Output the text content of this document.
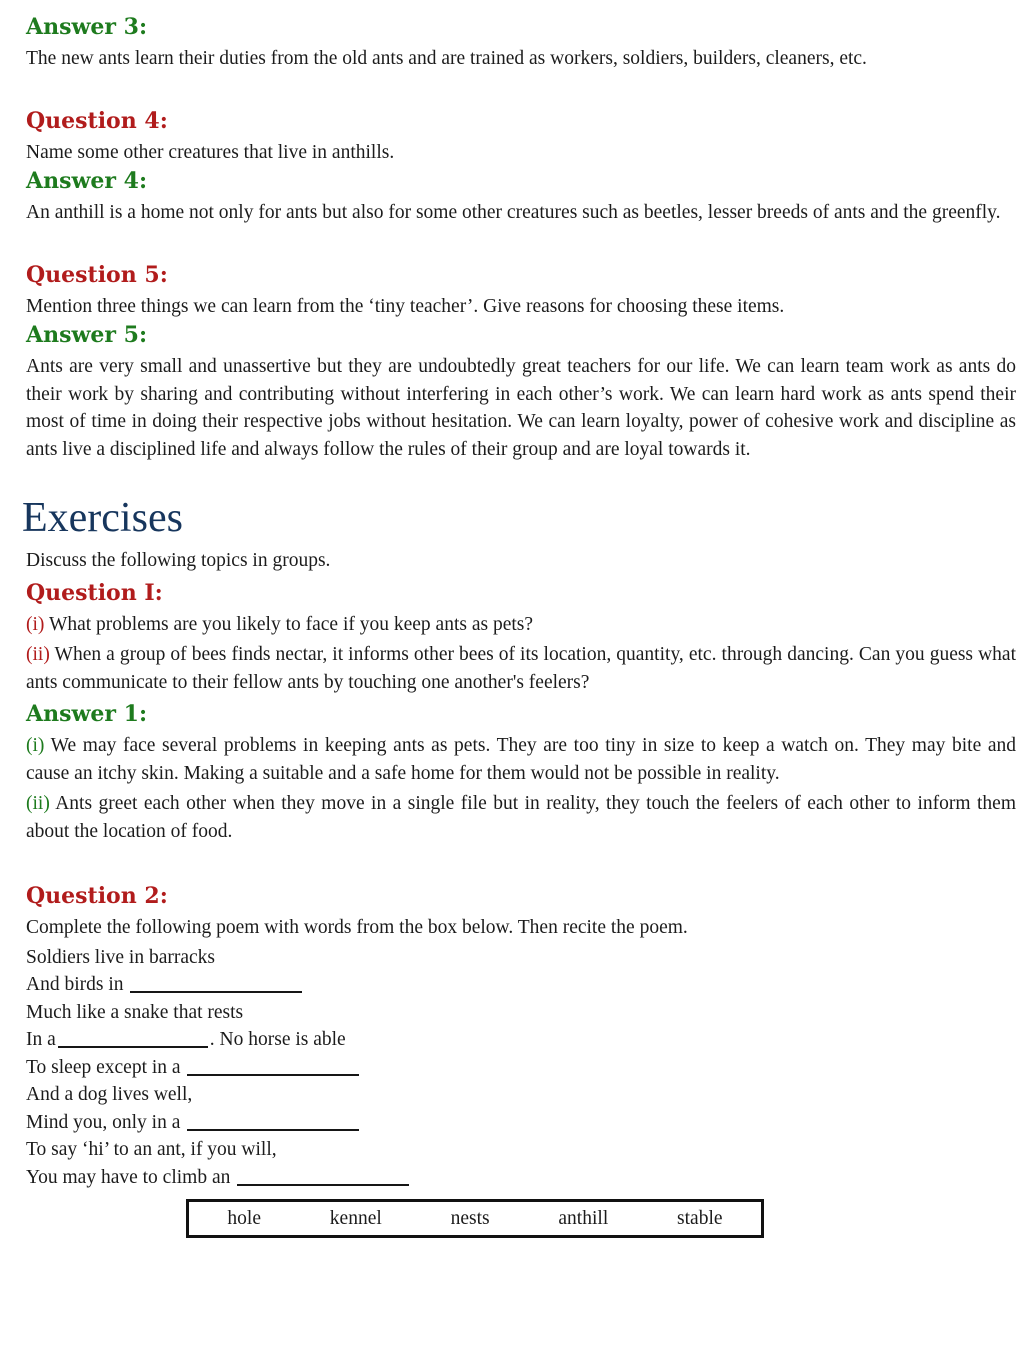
Answer 3:

The new ants learn their duties from the old ants and are trained as workers, soldiers, builders, cleaners, etc.

Question 4:

Name some other creatures that live in anthills.

Answer 4:

An anthill is a home not only for ants but also for some other creatures such as beetles, lesser breeds of ants and the greenfly.

Question 5:

Mention three things we can learn from the ‘tiny teacher’. Give reasons for choosing these items.

Answer 5:

Ants are very small and unassertive but they are undoubtedly great teachers for our life. We can learn team work as ants do their work by sharing and contributing without interfering in each other’s work. We can learn hard work as ants spend their most of time in doing their respective jobs without hesitation. We can learn loyalty, power of cohesive work and discipline as ants live a disciplined life and always follow the rules of their group and are loyal towards it.

Exercises

Discuss the following topics in groups.

Question I:

(i) What problems are you likely to face if you keep ants as pets?

(ii) When a group of bees finds nectar, it informs other bees of its location, quantity, etc. through dancing. Can you guess what ants communicate to their fellow ants by touching one another's feelers?

Answer 1:

(i) We may face several problems in keeping ants as pets. They are too tiny in size to keep a watch on. They may bite and cause an itchy skin. Making a suitable and a safe home for them would not be possible in reality.

(ii) Ants greet each other when they move in a single file but in reality, they touch the feelers of each other to inform them about the location of food.

Question 2:

Complete the following poem with words from the box below. Then recite the poem.

Soldiers live in barracks
And birds in
Much like a snake that rests
In a	. No horse is able
To sleep except in a
And a dog lives well,
Mind you, only in a
To say ‘hi’ to an ant, if you will,
You may have to climb an
hole	kennel	nests	anthill	stable
